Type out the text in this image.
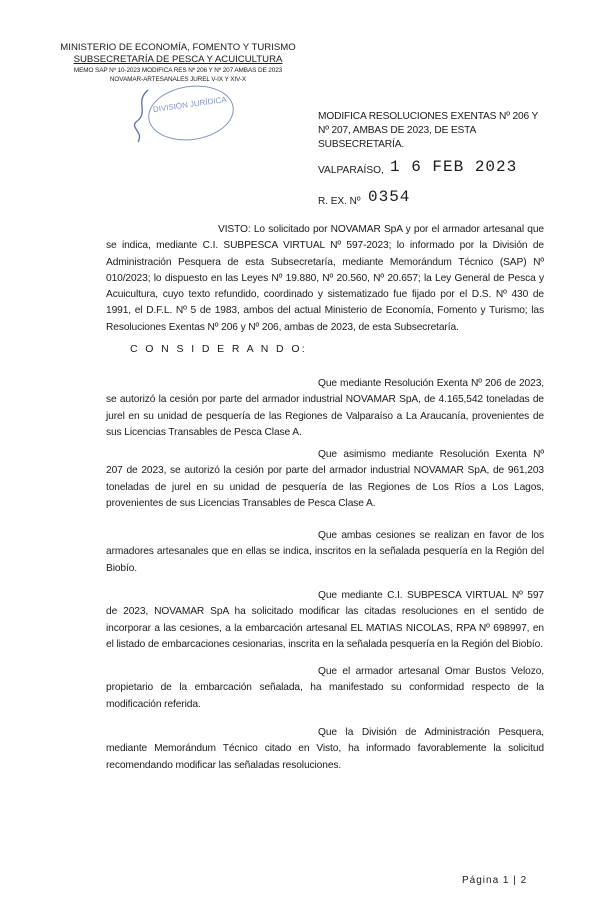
MINISTERIO DE ECONOMÍA, FOMENTO Y TURISMO
SUBSECRETARÍA DE PESCA Y ACUICULTURA
MEMO SAP Nº 10-2023 MODIFICA RES Nº 206 Y Nº 207 AMBAS DE 2023
NOVAMAR-ARTESANALES JUREL V-IX Y XIV-X
DIVISIÓN JURÍDICA
MODIFICA RESOLUCIONES EXENTAS Nº 206 Y Nº 207, AMBAS DE 2023, DE ESTA SUBSECRETARÍA.
VALPARAÍSO, 1 6 FEB 2023
R. EX. Nº 0354
VISTO: Lo solicitado por NOVAMAR SpA y por el armador artesanal que se indica, mediante C.I. SUBPESCA VIRTUAL Nº 597-2023; lo informado por la División de Administración Pesquera de esta Subsecretaría, mediante Memorándum Técnico (SAP) Nº 010/2023; lo dispuesto en las Leyes Nº 19.880, Nº 20.560, Nº 20.657; la Ley General de Pesca y Acuicultura, cuyo texto refundido, coordinado y sistematizado fue fijado por el D.S. Nº 430 de 1991, el D.F.L. Nº 5 de 1983, ambos del actual Ministerio de Economía, Fomento y Turismo; las Resoluciones Exentas Nº 206 y Nº 206, ambas de 2023, de esta Subsecretaría.
C O N S I D E R A N D O:
Que mediante Resolución Exenta Nº 206 de 2023, se autorizó la cesión por parte del armador industrial NOVAMAR SpA, de 4.165,542 toneladas de jurel en su unidad de pesquería de las Regiones de Valparaíso a La Araucanía, provenientes de sus Licencias Transables de Pesca Clase A.
Que asimismo mediante Resolución Exenta Nº 207 de 2023, se autorizó la cesión por parte del armador industrial NOVAMAR SpA, de 961,203 toneladas de jurel en su unidad de pesquería de las Regiones de Los Ríos a Los Lagos, provenientes de sus Licencias Transables de Pesca Clase A.
Que ambas cesiones se realizan en favor de los armadores artesanales que en ellas se indica, inscritos en la señalada pesquería en la Región del Biobío.
Que mediante C.I. SUBPESCA VIRTUAL Nº 597 de 2023, NOVAMAR SpA ha solicitado modificar las citadas resoluciones en el sentido de incorporar a las cesiones, a la embarcación artesanal EL MATIAS NICOLAS, RPA Nº 698997, en el listado de embarcaciones cesionarias, inscrita en la señalada pesquería en la Región del Biobío.
Que el armador artesanal Omar Bustos Velozo, propietario de la embarcación señalada, ha manifestado su conformidad respecto de la modificación referida.
Que la División de Administración Pesquera, mediante Memorándum Técnico citado en Visto, ha informado favorablemente la solicitud recomendando modificar las señaladas resoluciones.
Página 1 | 2
